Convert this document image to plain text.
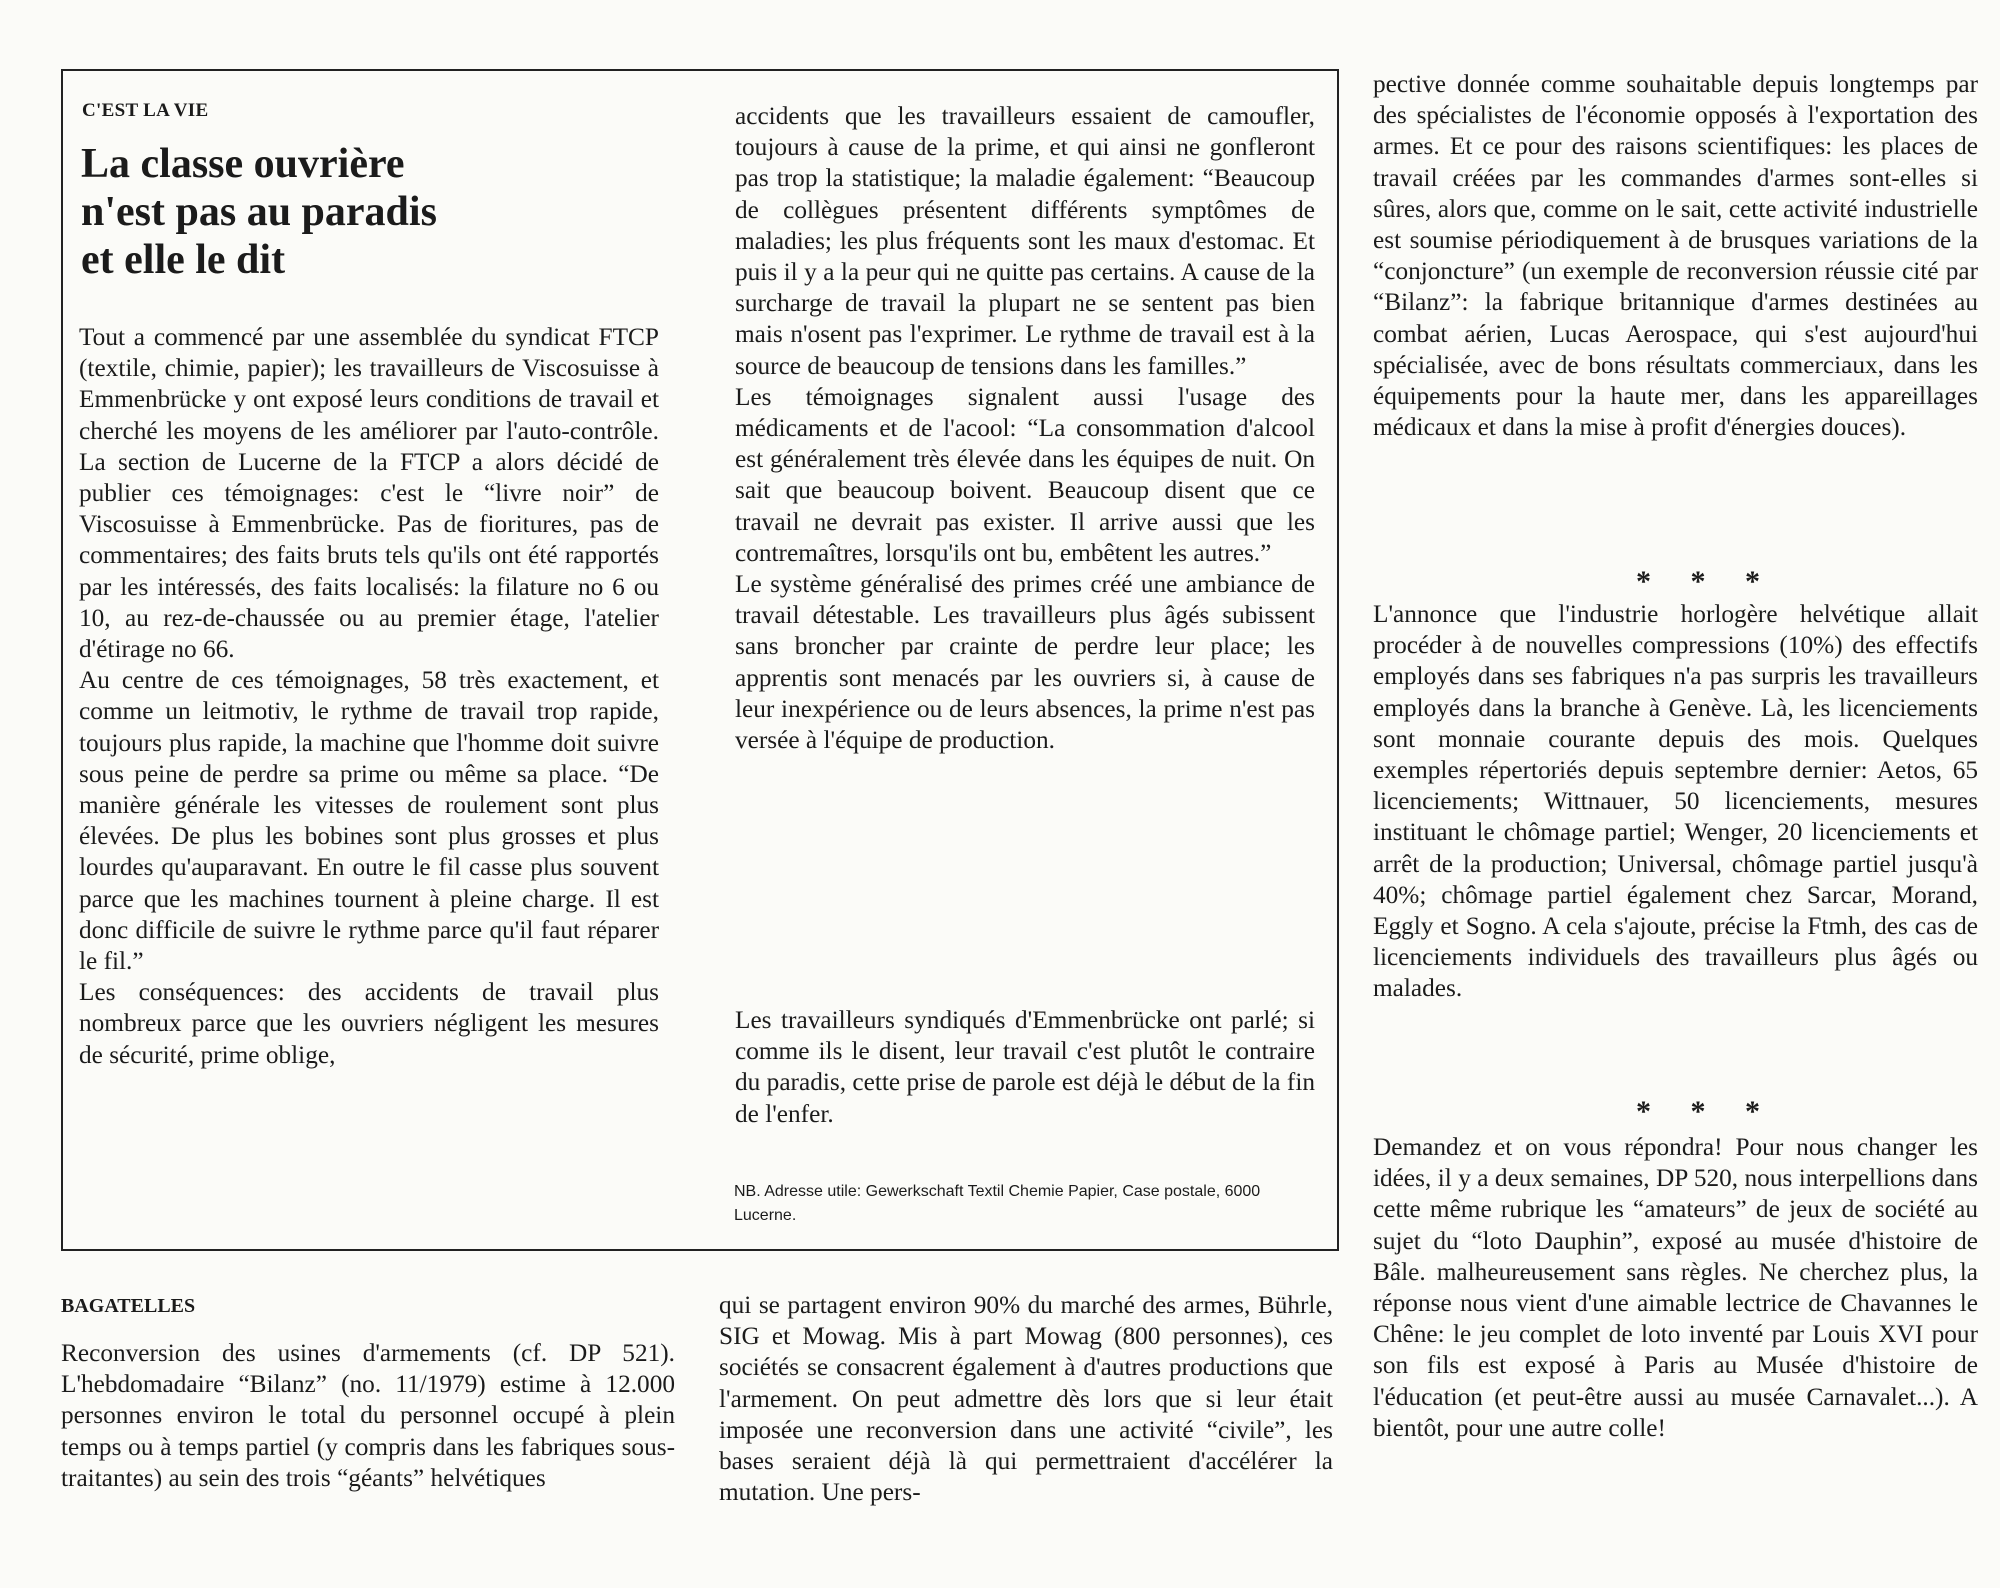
C'EST LA VIE
La classe ouvrière
n'est pas au paradis
et elle le dit

Tout a commencé par une assemblée du syndicat FTCP (textile, chimie, papier); les travailleurs de Viscosuisse à Emmenbrücke y ont exposé leurs conditions de travail et cherché les moyens de les améliorer par l'auto-contrôle. La section de Lucerne de la FTCP a alors décidé de publier ces témoignages: c'est le “livre noir” de Viscosuisse à Emmenbrücke. Pas de fioritures, pas de commentaires; des faits bruts tels qu'ils ont été rapportés par les intéressés, des faits localisés: la filature no 6 ou 10, au rez-de-chaussée ou au premier étage, l'atelier d'étirage no 66.

Au centre de ces témoignages, 58 très exactement, et comme un leitmotiv, le rythme de travail trop rapide, toujours plus rapide, la machine que l'homme doit suivre sous peine de perdre sa prime ou même sa place. “De manière générale les vitesses de roulement sont plus élevées. De plus les bobines sont plus grosses et plus lourdes qu'auparavant. En outre le fil casse plus souvent parce que les machines tournent à pleine charge. Il est donc difficile de suivre le rythme parce qu'il faut réparer le fil.”

Les conséquences: des accidents de travail plus nombreux parce que les ouvriers négligent les mesures de sécurité, prime oblige,

accidents que les travailleurs essaient de camoufler, toujours à cause de la prime, et qui ainsi ne gonfleront pas trop la statistique; la maladie également: “Beaucoup de collègues présentent différents symptômes de maladies; les plus fréquents sont les maux d'estomac. Et puis il y a la peur qui ne quitte pas certains. A cause de la surcharge de travail la plupart ne se sentent pas bien mais n'osent pas l'exprimer. Le rythme de travail est à la source de beaucoup de tensions dans les familles.”

Les témoignages signalent aussi l'usage des médicaments et de l'acool: “La consommation d'alcool est généralement très élevée dans les équipes de nuit. On sait que beaucoup boivent. Beaucoup disent que ce travail ne devrait pas exister. Il arrive aussi que les contremaîtres, lorsqu'ils ont bu, embêtent les autres.”

Le système généralisé des primes créé une ambiance de travail détestable. Les travailleurs plus âgés subissent sans broncher par crainte de perdre leur place; les apprentis sont menacés par les ouvriers si, à cause de leur inexpérience ou de leurs absences, la prime n'est pas versée à l'équipe de production.

Les travailleurs syndiqués d'Emmenbrücke ont parlé; si comme ils le disent, leur travail c'est plutôt le contraire du paradis, cette prise de parole est déjà le début de la fin de l'enfer.
NB. Adresse utile: Gewerkschaft Textil Chemie Papier, Case postale, 6000 Lucerne.
BAGATELLES
Reconversion des usines d'armements (cf. DP 521). L'hebdomadaire “Bilanz” (no. 11/1979) estime à 12.000 personnes environ le total du personnel occupé à plein temps ou à temps partiel (y compris dans les fabriques sous-traitantes) au sein des trois “géants” helvétiques
qui se partagent environ 90% du marché des armes, Bührle, SIG et Mowag. Mis à part Mowag (800 personnes), ces sociétés se consacrent également à d'autres productions que l'armement. On peut admettre dès lors que si leur était imposée une reconversion dans une activité “civile”, les bases seraient déjà là qui permettraient d'accélérer la mutation. Une pers-
pective donnée comme souhaitable depuis longtemps par des spécialistes de l'économie opposés à l'exportation des armes. Et ce pour des raisons scientifiques: les places de travail créées par les commandes d'armes sont-elles si sûres, alors que, comme on le sait, cette activité industrielle est soumise périodiquement à de brusques variations de la “conjoncture” (un exemple de reconversion réussie cité par “Bilanz”: la fabrique britannique d'armes destinées au combat aérien, Lucas Aerospace, qui s'est aujourd'hui spécialisée, avec de bons résultats commerciaux, dans les équipements pour la haute mer, dans les appareillages médicaux et dans la mise à profit d'énergies douces).
* * *
L'annonce que l'industrie horlogère helvétique allait procéder à de nouvelles compressions (10%) des effectifs employés dans ses fabriques n'a pas surpris les travailleurs employés dans la branche à Genève. Là, les licenciements sont monnaie courante depuis des mois. Quelques exemples répertoriés depuis septembre dernier: Aetos, 65 licenciements; Wittnauer, 50 licenciements, mesures instituant le chômage partiel; Wenger, 20 licenciements et arrêt de la production; Universal, chômage partiel jusqu'à 40%; chômage partiel également chez Sarcar, Morand, Eggly et Sogno. A cela s'ajoute, précise la Ftmh, des cas de licenciements individuels des travailleurs plus âgés ou malades.
* * *
Demandez et on vous répondra! Pour nous changer les idées, il y a deux semaines, DP 520, nous interpellions dans cette même rubrique les “amateurs” de jeux de société au sujet du “loto Dauphin”, exposé au musée d'histoire de Bâle. malheureusement sans règles. Ne cherchez plus, la réponse nous vient d'une aimable lectrice de Chavannes le Chêne: le jeu complet de loto inventé par Louis XVI pour son fils est exposé à Paris au Musée d'histoire de l'éducation (et peut-être aussi au musée Carnavalet...). A bientôt, pour une autre colle!
